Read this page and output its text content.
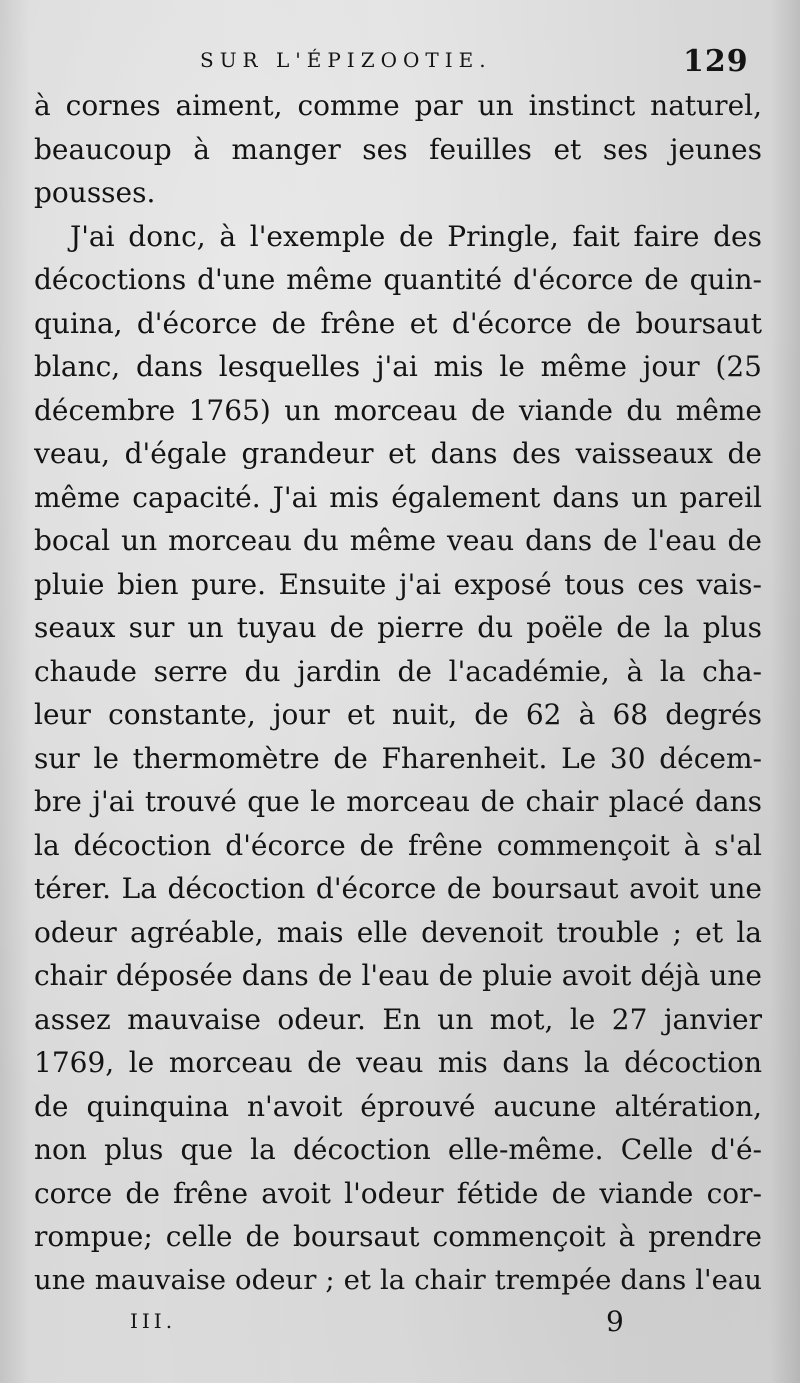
SUR L'ÉPIZOOTIE.	129
à cornes aiment, comme par un instinct naturel,
beaucoup à manger ses feuilles et ses jeunes
pousses.
J'ai donc, à l'exemple de Pringle, fait faire des
décoctions d'une même quantité d'écorce de quin-
quina, d'écorce de frêne et d'écorce de boursaut
blanc, dans lesquelles j'ai mis le même jour (25
décembre 1765) un morceau de viande du même
veau, d'égale grandeur et dans des vaisseaux de
même capacité. J'ai mis également dans un pareil
bocal un morceau du même veau dans de l'eau de
pluie bien pure. Ensuite j'ai exposé tous ces vais-
seaux sur un tuyau de pierre du poële de la plus
chaude serre du jardin de l'académie, à la cha-
leur constante, jour et nuit, de 62 à 68 degrés
sur le thermomètre de Fharenheit. Le 30 décem-
bre j'ai trouvé que le morceau de chair placé dans
la décoction d'écorce de frêne commençoit à s'al
térer. La décoction d'écorce de boursaut avoit une
odeur agréable, mais elle devenoit trouble ; et la
chair déposée dans de l'eau de pluie avoit déjà une
assez mauvaise odeur. En un mot, le 27 janvier
1769, le morceau de veau mis dans la décoction
de quinquina n'avoit éprouvé aucune altération,
non plus que la décoction elle-même. Celle d'é-
corce de frêne avoit l'odeur fétide de viande cor-
rompue; celle de boursaut commençoit à prendre
une mauvaise odeur ; et la chair trempée dans l'eau
III.	9
